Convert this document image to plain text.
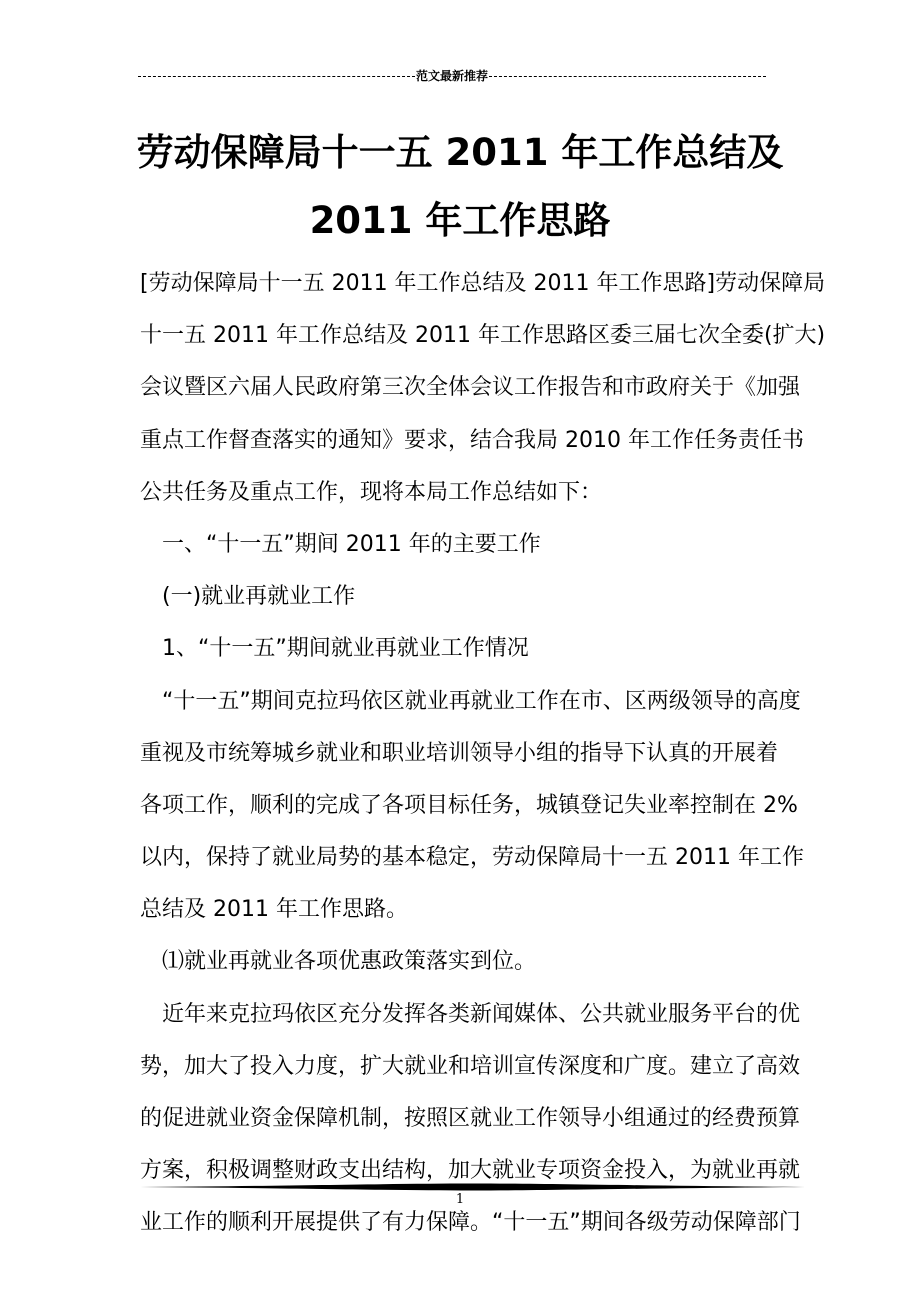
范文最新推荐
劳动保障局十一五 2011 年工作总结及
2011 年工作思路
[劳动保障局十一五 2011 年工作总结及 2011 年工作思路]劳动保障局
十一五 2011 年工作总结及 2011 年工作思路区委三届七次全委(扩大)
会议暨区六届人民政府第三次全体会议工作报告和市政府关于《加强
重点工作督查落实的通知》要求，结合我局 2010 年工作任务责任书
公共任务及重点工作，现将本局工作总结如下：
一、“十一五”期间 2011 年的主要工作
(一)就业再就业工作
1、“十一五”期间就业再就业工作情况
“十一五”期间克拉玛依区就业再就业工作在市、区两级领导的高度
重视及市统筹城乡就业和职业培训领导小组的指导下认真的开展着
各项工作，顺利的完成了各项目标任务，城镇登记失业率控制在 2%
以内，保持了就业局势的基本稳定，劳动保障局十一五 2011 年工作
总结及 2011 年工作思路。
⑴就业再就业各项优惠政策落实到位。
近年来克拉玛依区充分发挥各类新闻媒体、公共就业服务平台的优
势，加大了投入力度，扩大就业和培训宣传深度和广度。建立了高效
的促进就业资金保障机制，按照区就业工作领导小组通过的经费预算
方案，积极调整财政支出结构，加大就业专项资金投入，为就业再就
业工作的顺利开展提供了有力保障。“十一五”期间各级劳动保障部门
1
